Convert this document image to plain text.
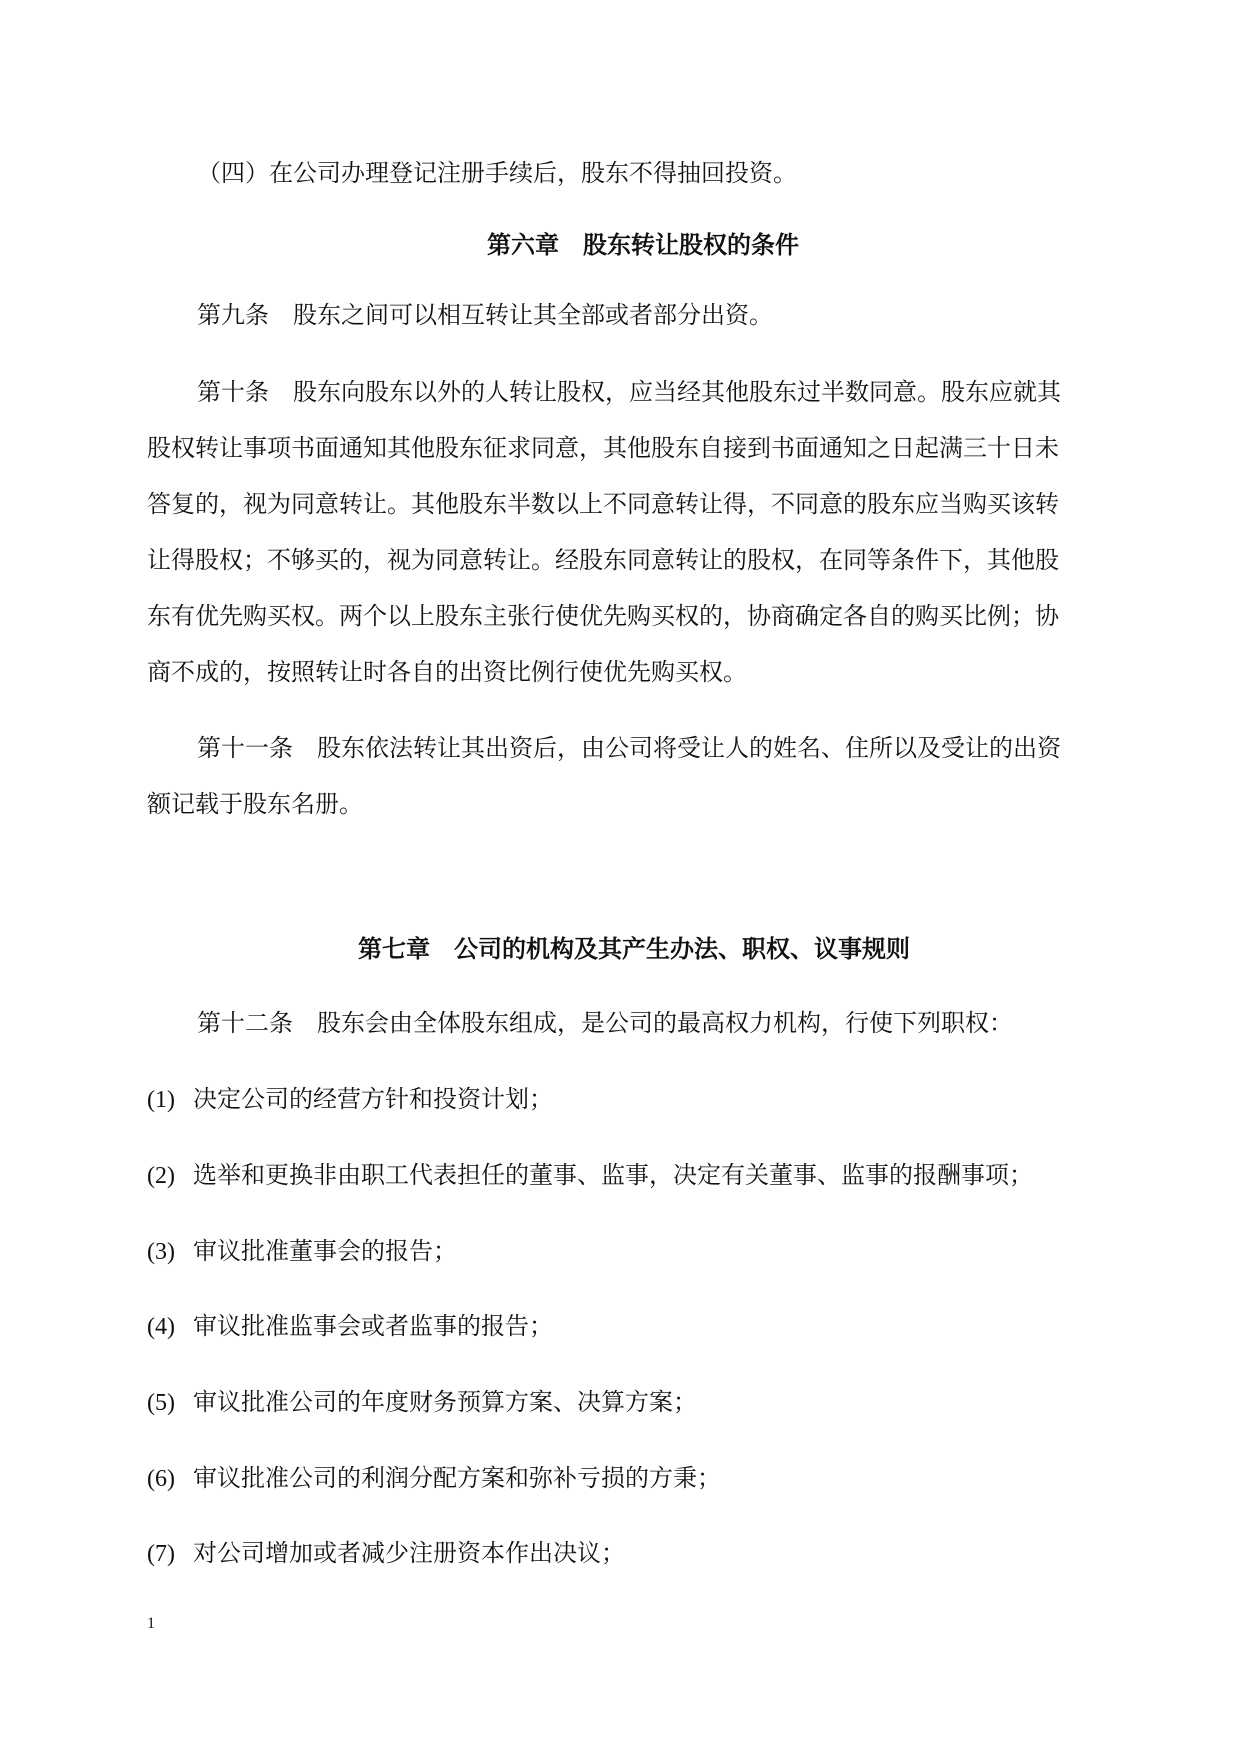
（四）在公司办理登记注册手续后，股东不得抽回投资。
第六章　股东转让股权的条件
第九条　股东之间可以相互转让其全部或者部分出资。
第十条　股东向股东以外的人转让股权，应当经其他股东过半数同意。股东应就其
股权转让事项书面通知其他股东征求同意，其他股东自接到书面通知之日起满三十日未
答复的，视为同意转让。其他股东半数以上不同意转让得，不同意的股东应当购买该转
让得股权；不够买的，视为同意转让。经股东同意转让的股权，在同等条件下，其他股
东有优先购买权。两个以上股东主张行使优先购买权的，协商确定各自的购买比例；协
商不成的，按照转让时各自的出资比例行使优先购买权。
第十一条　股东依法转让其出资后，由公司将受让人的姓名、住所以及受让的出资
额记载于股东名册。
第七章　公司的机构及其产生办法、职权、议事规则
第十二条　股东会由全体股东组成，是公司的最高权力机构，行使下列职权：
(1) 决定公司的经营方针和投资计划；
(2) 选举和更换非由职工代表担任的董事、监事，决定有关董事、监事的报酬事项；
(3) 审议批准董事会的报告；
(4) 审议批准监事会或者监事的报告；
(5) 审议批准公司的年度财务预算方案、决算方案；
(6) 审议批准公司的利润分配方案和弥补亏损的方秉；
(7) 对公司增加或者减少注册资本作出决议；
1
